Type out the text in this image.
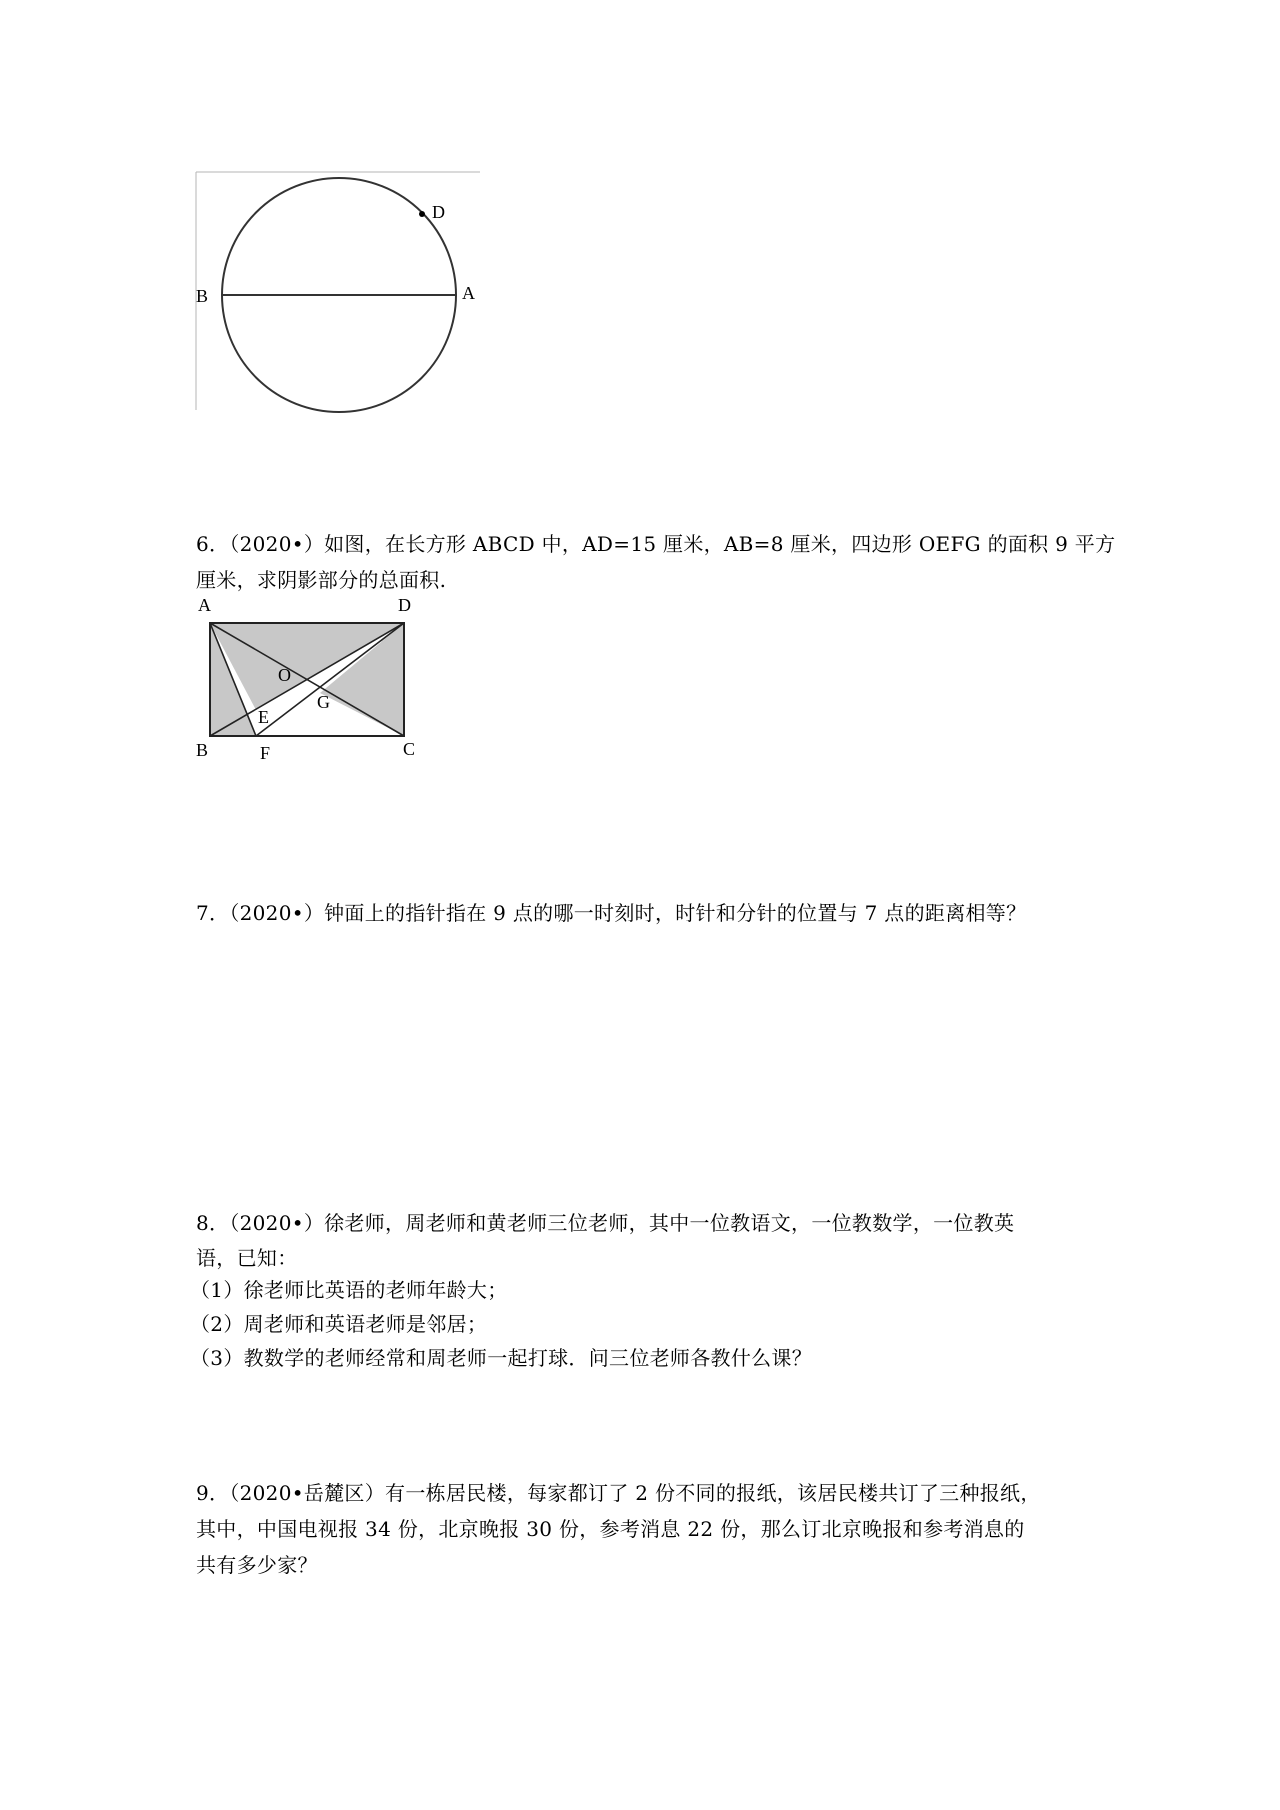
B	A
D
6．（2020•）如图，在长方形 ABCD 中，AD=15 厘米，AB=8 厘米，四边形 OEFG 的面积 9 平方
厘米，求阴影部分的总面积.
A	D
B	F	C
O
G
E
7．（2020•）钟面上的指针指在 9 点的哪一时刻时，时针和分针的位置与 7 点的距离相等？
8．（2020•）徐老师，周老师和黄老师三位老师，其中一位教语文，一位教数学，一位教英
语，已知：
（1）徐老师比英语的老师年龄大；
（2）周老师和英语老师是邻居；
（3）教数学的老师经常和周老师一起打球．问三位老师各教什么课？
9．（2020•岳麓区）有一栋居民楼，每家都订了 2 份不同的报纸，该居民楼共订了三种报纸，
其中，中国电视报 34 份，北京晚报 30 份，参考消息 22 份，那么订北京晚报和参考消息的
共有多少家？
